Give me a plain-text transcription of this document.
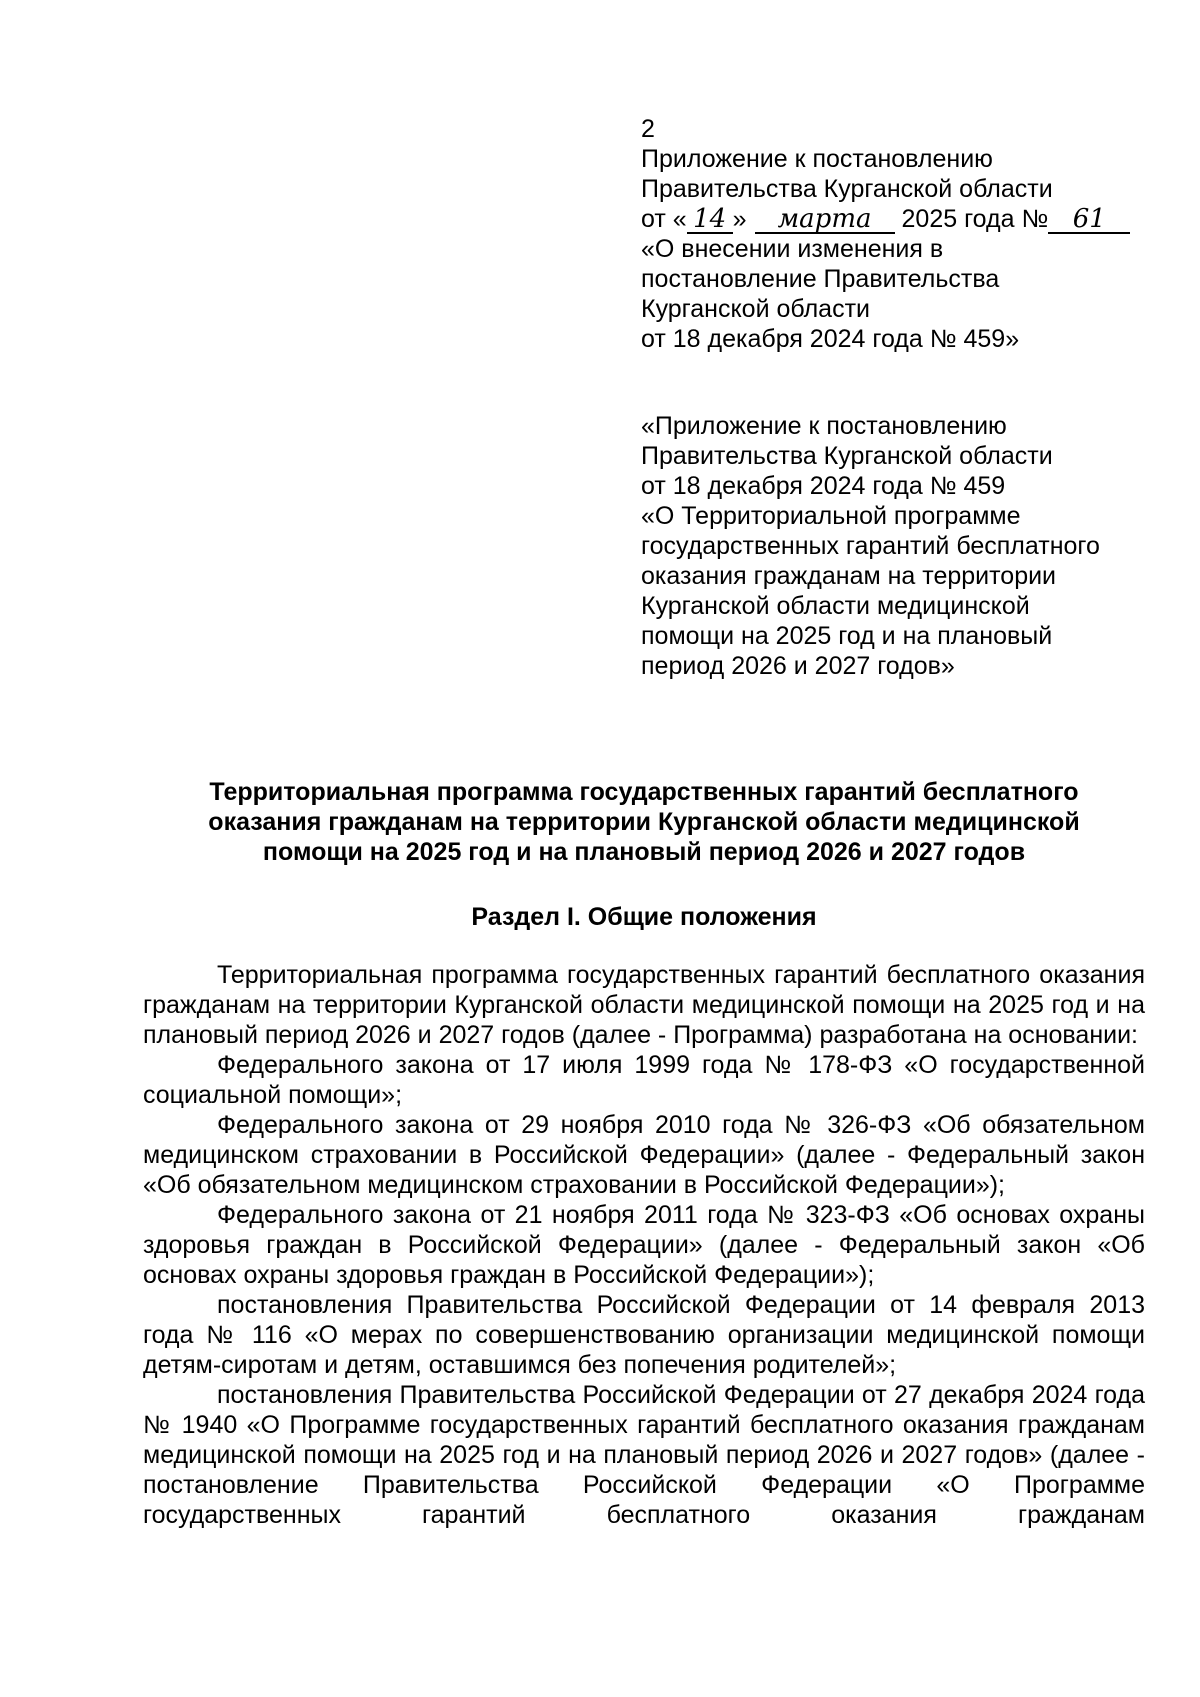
2
Приложение к постановлению
Правительства Курганской области
от « 14 » марта 2025 года № 61
«О внесении изменения в
постановление Правительства
Курганской области
от 18 декабря 2024 года № 459»
«Приложение к постановлению
Правительства Курганской области
от 18 декабря 2024 года № 459
«О Территориальной программе
государственных гарантий бесплатного
оказания гражданам на территории
Курганской области медицинской
помощи на 2025 год и на плановый
период 2026 и 2027 годов»
Территориальная программа государственных гарантий бесплатного
оказания гражданам на территории Курганской области медицинской
помощи на 2025 год и на плановый период 2026 и 2027 годов
Раздел I. Общие положения

Территориальная программа государственных гарантий бесплатного оказания гражданам на территории Курганской области медицинской помощи на 2025 год и на плановый период 2026 и 2027 годов (далее - Программа) разработана на основании:

Федерального закона от 17 июля 1999 года № 178-ФЗ «О государственной социальной помощи»;

Федерального закона от 29 ноября 2010 года № 326-ФЗ «Об обязательном медицинском страховании в Российской Федерации» (далее - Федеральный закон «Об обязательном медицинском страховании в Российской Федерации»);

Федерального закона от 21 ноября 2011 года № 323-ФЗ «Об основах охраны здоровья граждан в Российской Федерации» (далее - Федеральный закон «Об основах охраны здоровья граждан в Российской Федерации»);

постановления Правительства Российской Федерации от 14 февраля 2013 года № 116 «О мерах по совершенствованию организации медицинской помощи детям-сиротам и детям, оставшимся без попечения родителей»;

постановления Правительства Российской Федерации от 27 декабря 2024 года № 1940 «О Программе государственных гарантий бесплатного оказания гражданам медицинской помощи на 2025 год и на плановый период 2026 и 2027 годов» (далее - постановление Правительства Российской Федерации «О Программе государственных гарантий бесплатного оказания гражданам
